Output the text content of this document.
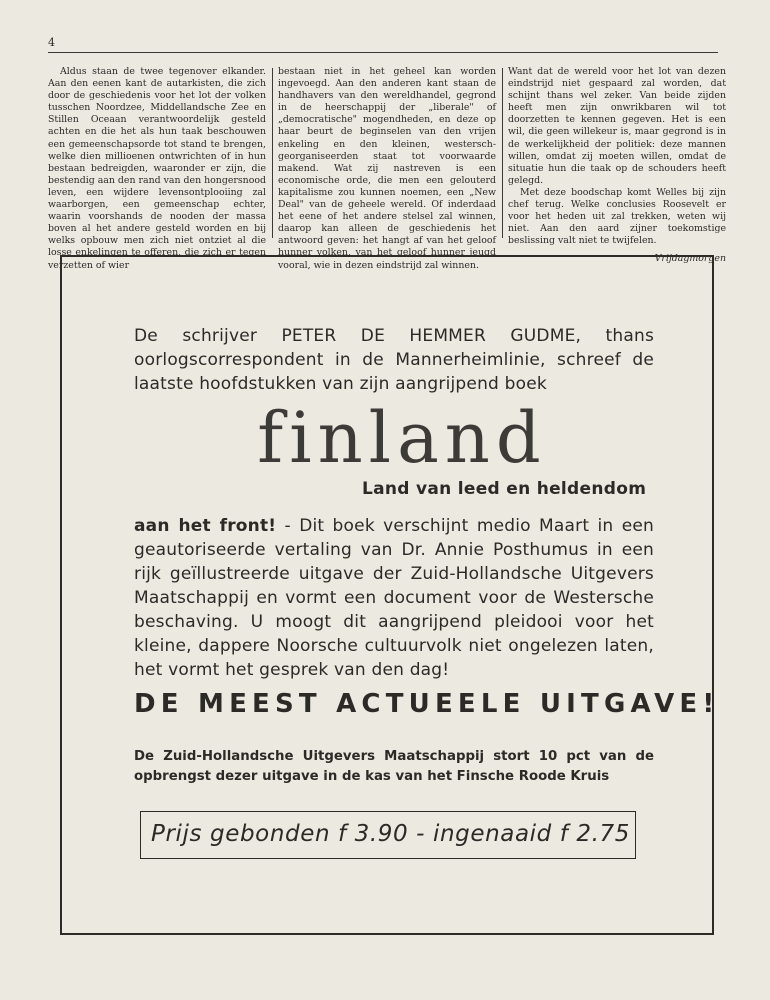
4

Aldus staan de twee tegenover elkander. Aan den eenen kant de autarkisten, die zich door de geschiedenis voor het lot der volken tusschen Noordzee, Middellandsche Zee en Stillen Oceaan verantwoordelijk gesteld achten en die het als hun taak beschouwen een gemeenschapsorde tot stand te brengen, welke dien millioenen ontwrichten of in hun bestaan bedreigden, waaronder er zijn, die bestendig aan den rand van den hongersnood leven, een wijdere levensontplooiing zal waarborgen, een gemeenschap echter, waarin voorshands de nooden der massa boven al het andere gesteld worden en bij welks opbouw men zich niet ontziet al die losse enkelingen te offeren, die zich er tegen verzetten of wier

bestaan niet in het geheel kan worden ingevoegd. Aan den anderen kant staan de handhavers van den wereldhandel, gegrond in de heerschappij der „liberale" of „democratische" mogendheden, en deze op haar beurt de beginselen van den vrijen enkeling en den kleinen, westersch-georganiseerden staat tot voorwaarde makend. Wat zij nastreven is een economische orde, die men een gelouterd kapitalisme zou kunnen noemen, een „New Deal" van de geheele wereld. Of inderdaad het eene of het andere stelsel zal winnen, daarop kan alleen de geschiedenis het antwoord geven: het hangt af van het geloof hunner volken, van het geloof hunner jeugd vooral, wie in dezen eindstrijd zal winnen.

Want dat de wereld voor het lot van dezen eindstrijd niet gespaard zal worden, dat schijnt thans wel zeker. Van beide zijden heeft men zijn onwrikbaren wil tot doorzetten te kennen gegeven. Het is een wil, die geen willekeur is, maar gegrond is in de werkelijkheid der politiek: deze mannen willen, omdat zij moeten willen, omdat de situatie hun die taak op de schouders heeft gelegd.

Met deze boodschap komt Welles bij zijn chef terug. Welke conclusies Roosevelt er voor het heden uit zal trekken, weten wij niet. Aan den aard zijner toekomstige beslissing valt niet te twijfelen.

Vrijdagmorgen
De schrijver PETER DE HEMMER GUDME, thans oorlogscorrespondent in de Mannerheimlinie, schreef de laatste hoofdstukken van zijn aangrijpend boek
finland
Land van leed en heldendom
aan het front! - Dit boek verschijnt medio Maart in een geautoriseerde vertaling van Dr. Annie Posthumus in een rijk geïllustreerde uitgave der Zuid-Hollandsche Uitgevers Maatschappij en vormt een document voor de Westersche beschaving. U moogt dit aangrijpend pleidooi voor het kleine, dappere Noorsche cultuurvolk niet ongelezen laten, het vormt het gesprek van den dag!
DE MEEST ACTUEELE UITGAVE!
De Zuid-Hollandsche Uitgevers Maatschappij stort 10 pct van de opbrengst dezer uitgave in de kas van het Finsche Roode Kruis
Prijs gebonden f 3.90 - ingenaaid f 2.75
